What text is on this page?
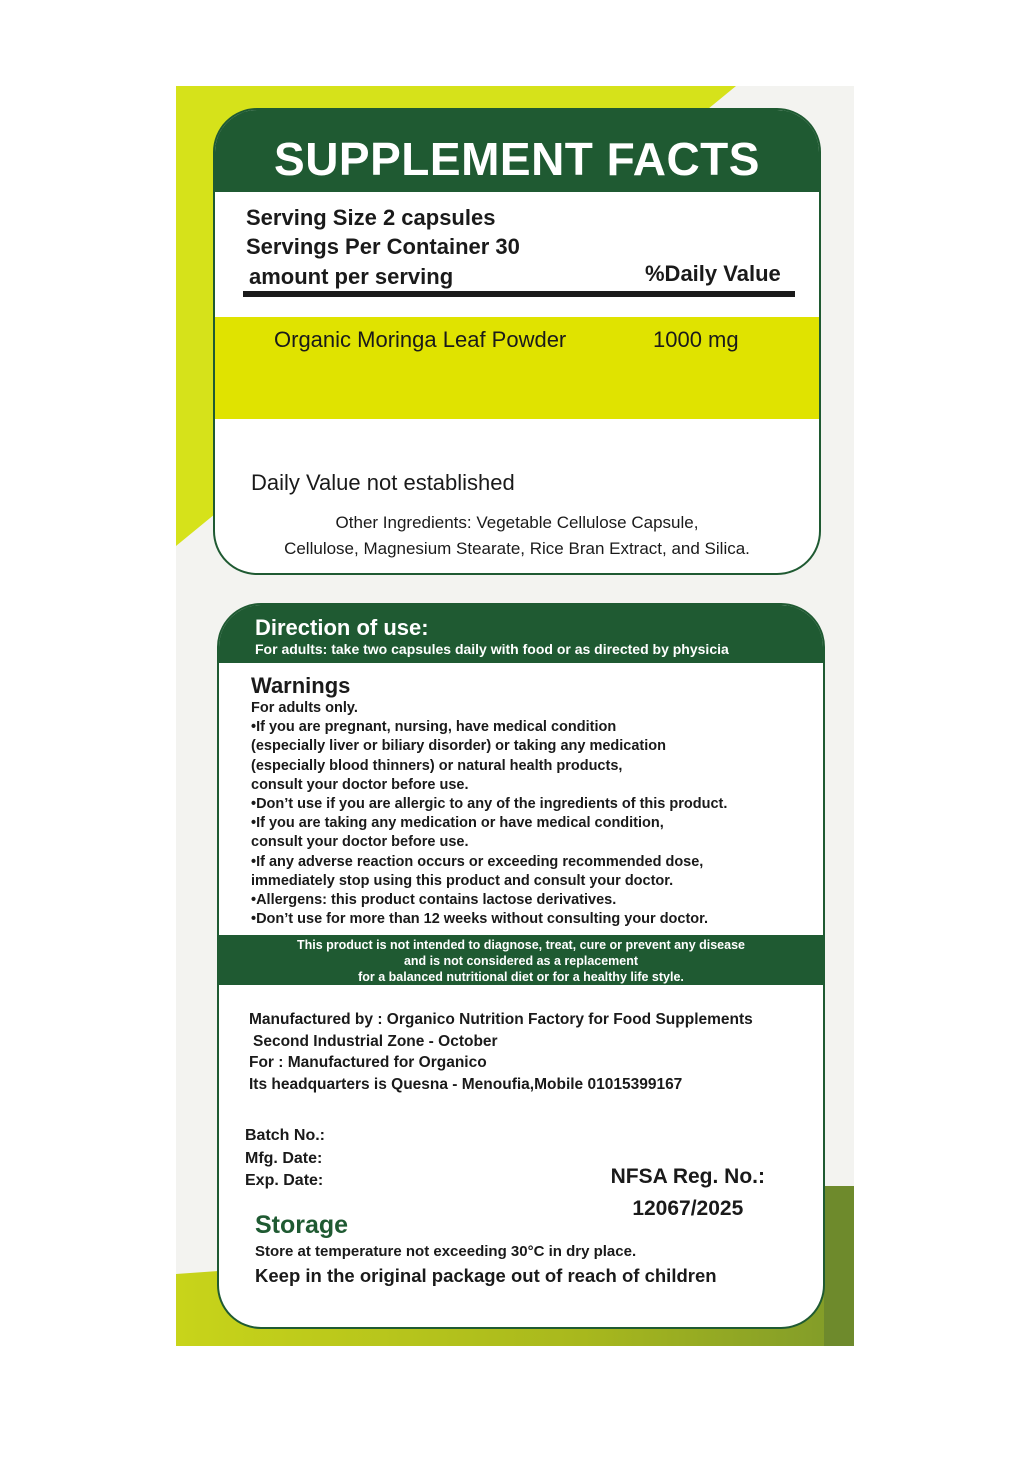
SUPPLEMENT FACTS
Serving Size 2 capsules
Servings Per Container 30
amount per serving	%Daily Value
Organic Moringa Leaf Powder	1000 mg
Daily Value not established
Other Ingredients: Vegetable Cellulose Capsule,
Cellulose, Magnesium Stearate, Rice Bran Extract, and Silica.
Direction of use:
For adults: take two capsules daily with food or as directed by physicia
Warnings
For adults only.
•If you are pregnant, nursing, have medical condition
(especially liver or biliary disorder) or taking any medication
(especially blood thinners) or natural health products,
consult your doctor before use.
•Don’t use if you are allergic to any of the ingredients of this product.
•If you are taking any medication or have medical condition,
consult your doctor before use.
•If any adverse reaction occurs or exceeding recommended dose,
immediately stop using this product and consult your doctor.
•Allergens: this product contains lactose derivatives.
•Don’t use for more than 12 weeks without consulting your doctor.
This product is not intended to diagnose, treat, cure or prevent any disease
and is not considered as a replacement
for a balanced nutritional diet or for a healthy life style.
Manufactured by : Organico Nutrition Factory for Food Supplements
Second Industrial Zone - October
For : Manufactured for Organico
Its headquarters is Quesna - Menoufia,Mobile 01015399167
Batch No.:
Mfg. Date:
Exp. Date:	NFSA Reg. No.:
12067/2025
Storage
Store at temperature not exceeding 30°C in dry place.
Keep in the original package out of reach of children
